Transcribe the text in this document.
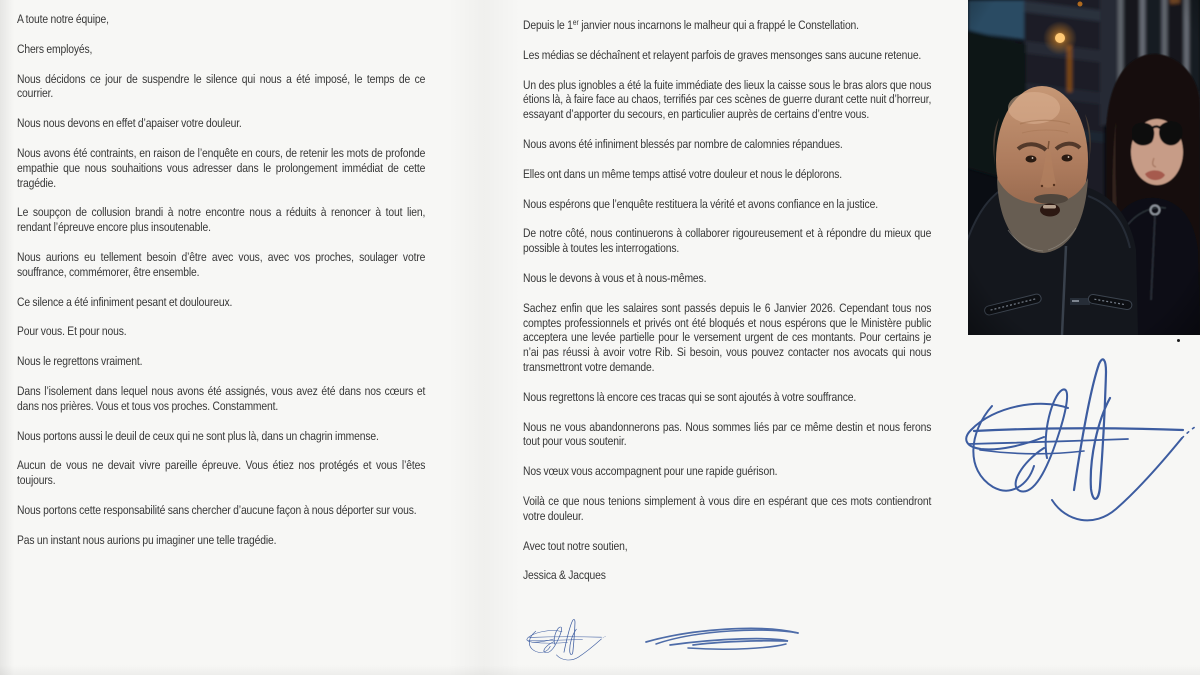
A toute notre équipe,

Chers employés,

Nous décidons ce jour de suspendre le silence qui nous a été imposé, le temps de ce courrier.

Nous nous devons en effet d’apaiser votre douleur.

Nous avons été contraints, en raison de l’enquête en cours, de retenir les mots de profonde empathie que nous souhaitions vous adresser dans le prolongement immédiat de cette tragédie.

Le soupçon de collusion brandi à notre encontre nous a réduits à renoncer à tout lien, rendant l’épreuve encore plus insoutenable.

Nous aurions eu tellement besoin d’être avec vous, avec vos proches, soulager votre souffrance, commémorer, être ensemble.

Ce silence a été infiniment pesant et douloureux.

Pour vous. Et pour nous.

Nous le regrettons vraiment.

Dans l’isolement dans lequel nous avons été assignés, vous avez été dans nos cœurs et dans nos prières. Vous et tous vos proches. Constamment.

Nous portons aussi le deuil de ceux qui ne sont plus là, dans un chagrin immense.

Aucun de vous ne devait vivre pareille épreuve. Vous étiez nos protégés et vous l’êtes toujours.

Nous portons cette responsabilité sans chercher d’aucune façon à nous déporter sur vous.

Pas un instant nous aurions pu imaginer une telle tragédie.

Depuis le 1er janvier nous incarnons le malheur qui a frappé le Constellation.

Les médias se déchaînent et relayent parfois de graves mensonges sans aucune retenue.

Un des plus ignobles a été la fuite immédiate des lieux la caisse sous le bras alors que nous étions là, à faire face au chaos, terrifiés par ces scènes de guerre durant cette nuit d’horreur, essayant d’apporter du secours, en particulier auprès de certains d’entre vous.

Nous avons été infiniment blessés par nombre de calomnies répandues.

Elles ont dans un même temps attisé votre douleur et nous le déplorons.

Nous espérons que l’enquête restituera la vérité et avons confiance en la justice.

De notre côté, nous continuerons à collaborer rigoureusement et à répondre du mieux que possible à toutes les interrogations.

Nous le devons à vous et à nous-mêmes.

Sachez enfin que les salaires sont passés depuis le 6 Janvier 2026. Cependant tous nos comptes professionnels et privés ont été bloqués et nous espérons que le Ministère public acceptera une levée partielle pour le versement urgent de ces montants. Pour certains je n’ai pas réussi à avoir votre Rib. Si besoin, vous pouvez contacter nos avocats qui nous transmettront votre demande.

Nous regrettons là encore ces tracas qui se sont ajoutés à votre souffrance.

Nous ne vous abandonnerons pas. Nous sommes liés par ce même destin et nous ferons tout pour vous soutenir.

Nos vœux vous accompagnent pour une rapide guérison.

Voilà ce que nous tenions simplement à vous dire en espérant que ces mots contiendront votre douleur.

Avec tout notre soutien,

Jessica & Jacques
